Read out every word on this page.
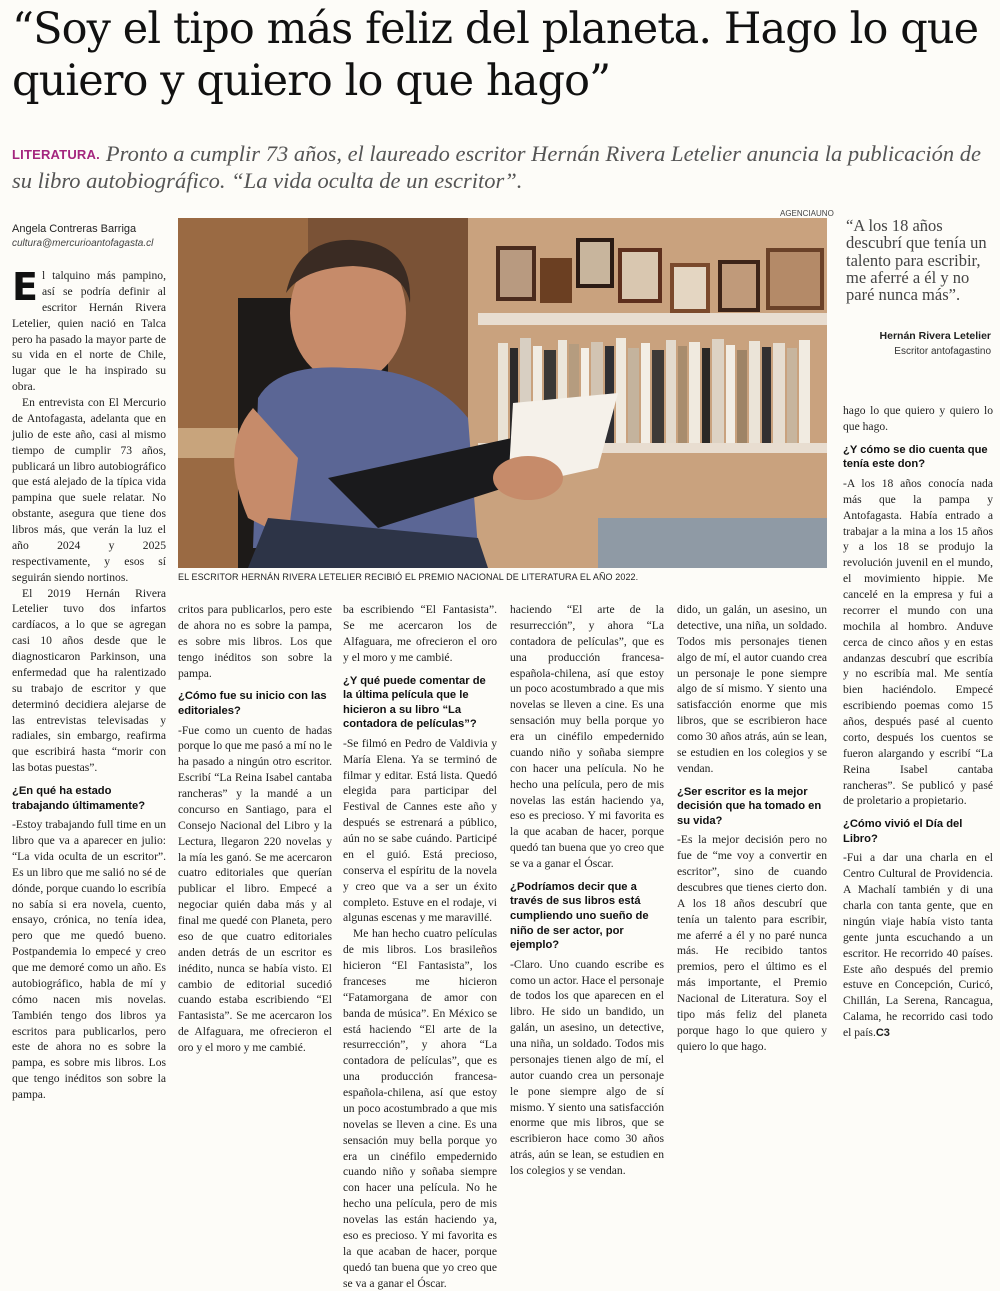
“Soy el tipo más feliz del planeta. Hago lo que quiero y quiero lo que hago”
LITERATURA. Pronto a cumplir 73 años, el laureado escritor Hernán Rivera Letelier anuncia la publicación de su libro autobiográfico. “La vida oculta de un escritor”.
Angela Contreras Barriga
cultura@mercurioantofagasta.cl

El talquino más pampino, así se podría definir al escritor Hernán Rivera Letelier, quien nació en Talca pero ha pasado la mayor parte de su vida en el norte de Chile, lugar que le ha inspirado su obra.

En entrevista con El Mercurio de Antofagasta, adelanta que en julio de este año, casi al mismo tiempo de cumplir 73 años, publicará un libro autobiográfico que está alejado de la típica vida pampina que suele relatar. No obstante, asegura que tiene dos libros más, que verán la luz el año 2024 y 2025 respectivamente, y esos sí seguirán siendo nortinos.

El 2019 Hernán Rivera Letelier tuvo dos infartos cardíacos, a lo que se agregan casi 10 años desde que le diagnosticaron Parkinson, una enfermedad que ha ralentizado su trabajo de escritor y que determinó decidiera alejarse de las entrevistas televisadas y radiales, sin embargo, reafirma que escribirá hasta “morir con las botas puestas”.

¿En qué ha estado trabajando últimamente?

-Estoy trabajando full time en un libro que va a aparecer en julio: “La vida oculta de un escritor”. Es un libro que me salió no sé de dónde, porque cuando lo escribía no sabía si era novela, cuento, ensayo, crónica, no tenía idea, pero que me quedó bueno. Postpandemia lo empecé y creo que me demoré como un año. Es autobiográfico, habla de mí y cómo nacen mis novelas. También tengo dos libros ya escritos para publicarlos, pero este de ahora no es sobre la pampa, es sobre mis libros. Los que tengo inéditos son sobre la pampa.

AGENCIAUNO
EL ESCRITOR HERNÁN RIVERA LETELIER RECIBIÓ EL PREMIO NACIONAL DE LITERATURA EL AÑO 2022.
“A los 18 años descubrí que tenía un talento para escribir, me aferré a él y no paré nunca más”.
Hernán Rivera Letelier
Escritor antofagastino

critos para publicarlos, pero este de ahora no es sobre la pampa, es sobre mis libros. Los que tengo inéditos son sobre la pampa.

¿Cómo fue su inicio con las editoriales?

-Fue como un cuento de hadas porque lo que me pasó a mí no le ha pasado a ningún otro escritor. Escribí “La Reina Isabel cantaba rancheras” y la mandé a un concurso en Santiago, para el Consejo Nacional del Libro y la Lectura, llegaron 220 novelas y la mía les ganó. Se me acercaron cuatro editoriales que querían publicar el libro. Empecé a negociar quién daba más y al final me quedé con Planeta, pero eso de que cuatro editoriales anden detrás de un escritor es inédito, nunca se había visto. El cambio de editorial sucedió cuando estaba escribiendo “El Fantasista”. Se me acercaron los de Alfaguara, me ofrecieron el oro y el moro y me cambié.

ba escribiendo “El Fantasista”. Se me acercaron los de Alfaguara, me ofrecieron el oro y el moro y me cambié.

¿Y qué puede comentar de la última película que le hicieron a su libro “La contadora de películas”?

-Se filmó en Pedro de Valdivia y María Elena. Ya se terminó de filmar y editar. Está lista. Quedó elegida para participar del Festival de Cannes este año y después se estrenará a público, aún no se sabe cuándo. Participé en el guió. Está precioso, conserva el espíritu de la novela y creo que va a ser un éxito completo. Estuve en el rodaje, vi algunas escenas y me maravillé.

Me han hecho cuatro películas de mis libros. Los brasileños hicieron “El Fantasista”, los franceses me hicieron “Fatamorgana de amor con banda de música”. En México se está haciendo “El arte de la resurrección”, y ahora “La contadora de películas”, que es una producción francesa-española-chilena, así que estoy un poco acostumbrado a que mis novelas se lleven a cine. Es una sensación muy bella porque yo era un cinéfilo empedernido cuando niño y soñaba siempre con hacer una película. No he hecho una película, pero de mis novelas las están haciendo ya, eso es precioso. Y mi favorita es la que acaban de hacer, porque quedó tan buena que yo creo que se va a ganar el Óscar.

haciendo “El arte de la resurrección”, y ahora “La contadora de películas”, que es una producción francesa-española-chilena, así que estoy un poco acostumbrado a que mis novelas se lleven a cine. Es una sensación muy bella porque yo era un cinéfilo empedernido cuando niño y soñaba siempre con hacer una película. No he hecho una película, pero de mis novelas las están haciendo ya, eso es precioso. Y mi favorita es la que acaban de hacer, porque quedó tan buena que yo creo que se va a ganar el Óscar.

¿Podríamos decir que a través de sus libros está cumpliendo uno sueño de niño de ser actor, por ejemplo?

-Claro. Uno cuando escribe es como un actor. Hace el personaje de todos los que aparecen en el libro. He sido un bandido, un galán, un asesino, un detective, una niña, un soldado. Todos mis personajes tienen algo de mí, el autor cuando crea un personaje le pone siempre algo de sí mismo. Y siento una satisfacción enorme que mis libros, que se escribieron hace como 30 años atrás, aún se lean, se estudien en los colegios y se vendan.

dido, un galán, un asesino, un detective, una niña, un soldado. Todos mis personajes tienen algo de mí, el autor cuando crea un personaje le pone siempre algo de sí mismo. Y siento una satisfacción enorme que mis libros, que se escribieron hace como 30 años atrás, aún se lean, se estudien en los colegios y se vendan.

¿Ser escritor es la mejor decisión que ha tomado en su vida?

-Es la mejor decisión pero no fue de “me voy a convertir en escritor”, sino de cuando descubres que tienes cierto don. A los 18 años descubrí que tenía un talento para escribir, me aferré a él y no paré nunca más. He recibido tantos premios, pero el último es el más importante, el Premio Nacional de Literatura. Soy el tipo más feliz del planeta porque hago lo que quiero y quiero lo que hago.

hago lo que quiero y quiero lo que hago.

¿Y cómo se dio cuenta que tenía este don?

-A los 18 años conocía nada más que la pampa y Antofagasta. Había entrado a trabajar a la mina a los 15 años y a los 18 se produjo la revolución juvenil en el mundo, el movimiento hippie. Me cancelé en la empresa y fui a recorrer el mundo con una mochila al hombro. Anduve cerca de cinco años y en estas andanzas descubrí que escribía y no escribía mal. Me sentía bien haciéndolo. Empecé escribiendo poemas como 15 años, después pasé al cuento corto, después los cuentos se fueron alargando y escribí “La Reina Isabel cantaba rancheras”. Se publicó y pasé de proletario a propietario.

¿Cómo vivió el Día del Libro?

-Fui a dar una charla en el Centro Cultural de Providencia. A Machalí también y di una charla con tanta gente, que en ningún viaje había visto tanta gente junta escuchando a un escritor. He recorrido 40 países. Este año después del premio estuve en Concepción, Curicó, Chillán, La Serena, Rancagua, Calama, he recorrido casi todo el país.C3
